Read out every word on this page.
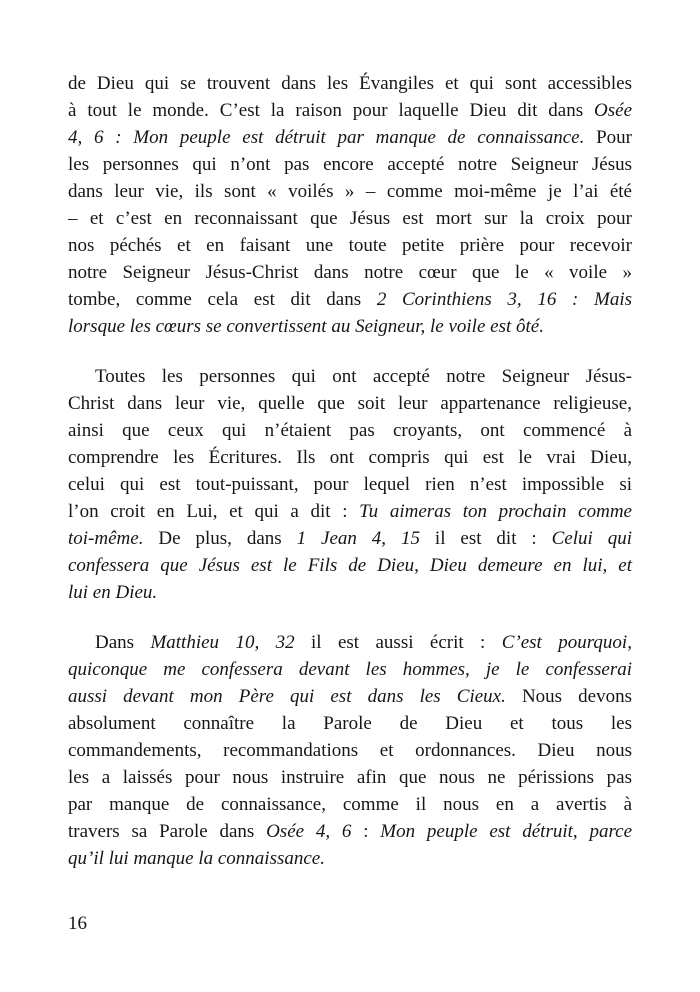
de Dieu qui se trouvent dans les Évangiles et qui sont accessibles
à tout le monde. C’est la raison pour laquelle Dieu dit dans Osée
4, 6 : Mon peuple est détruit par manque de connaissance. Pour
les personnes qui n’ont pas encore accepté notre Seigneur Jésus
dans leur vie, ils sont « voilés » – comme moi-même je l’ai été
– et c’est en reconnaissant que Jésus est mort sur la croix pour
nos péchés et en faisant une toute petite prière pour recevoir
notre Seigneur Jésus-Christ dans notre cœur que le « voile »
tombe, comme cela est dit dans 2 Corinthiens 3, 16 : Mais
lorsque les cœurs se convertissent au Seigneur, le voile est ôté.
Toutes les personnes qui ont accepté notre Seigneur Jésus-
Christ dans leur vie, quelle que soit leur appartenance religieuse,
ainsi que ceux qui n’étaient pas croyants, ont commencé à
comprendre les Écritures. Ils ont compris qui est le vrai Dieu,
celui qui est tout-puissant, pour lequel rien n’est impossible si
l’on croit en Lui, et qui a dit : Tu aimeras ton prochain comme
toi-même. De plus, dans 1 Jean 4, 15 il est dit : Celui qui
confessera que Jésus est le Fils de Dieu, Dieu demeure en lui, et
lui en Dieu.
Dans Matthieu 10, 32 il est aussi écrit : C’est pourquoi,
quiconque me confessera devant les hommes, je le confesserai
aussi devant mon Père qui est dans les Cieux. Nous devons
absolument connaître la Parole de Dieu et tous les
commandements, recommandations et ordonnances. Dieu nous
les a laissés pour nous instruire afin que nous ne périssions pas
par manque de connaissance, comme il nous en a avertis à
travers sa Parole dans Osée 4, 6 : Mon peuple est détruit, parce
qu’il lui manque la connaissance.
16
